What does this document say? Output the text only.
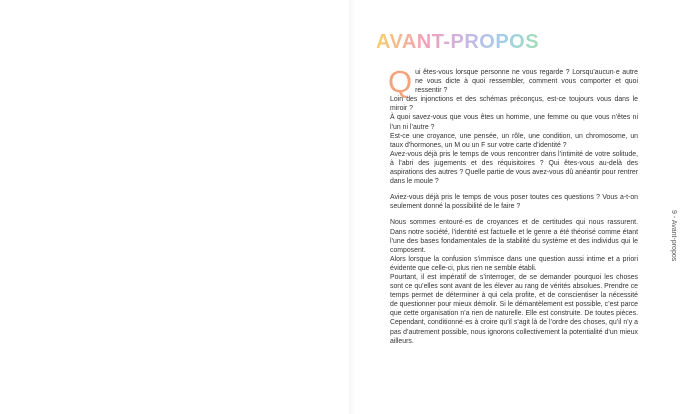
AVANT-PROPOS

Qui êtes-vous lorsque personne ne vous regarde ? Lorsqu’aucun·e autre ne vous dicte à quoi ressembler, comment vous comporter et quoi ressentir ?

Loin des injonctions et des schémas préconçus, est-ce toujours vous dans le miroir ?

À quoi savez-vous que vous êtes un homme, une femme ou que vous n’êtes ni l’un ni l’autre ?

Est-ce une croyance, une pensée, un rôle, une condition, un chromosome, un taux d’hormones, un M ou un F sur votre carte d’identité ?

Avez-vous déjà pris le temps de vous rencontrer dans l’intimité de votre solitude, à l’abri des jugements et des réquisitoires ? Qui êtes-vous au-delà des aspirations des autres ? Quelle partie de vous avez-vous dû anéantir pour rentrer dans le moule ?

Aviez-vous déjà pris le temps de vous poser toutes ces questions ? Vous a-t-on seulement donné la possibilité de le faire ?

Nous sommes entouré·es de croyances et de certitudes qui nous rassurent. Dans notre société, l’identité est factuelle et le genre a été théorisé comme étant l’une des bases fondamentales de la stabilité du système et des individus qui le composent.

Alors lorsque la confusion s’immisce dans une question aussi intime et a priori évidente que celle-ci, plus rien ne semble établi.

Pourtant, il est impératif de s’interroger, de se demander pourquoi les choses sont ce qu’elles sont avant de les élever au rang de vérités absolues. Prendre ce temps permet de déterminer à qui cela profite, et de conscientiser la nécessité de questionner pour mieux démolir. Si le démantèlement est possible, c’est parce que cette organisation n’a rien de naturelle. Elle est construite. De toutes pièces. Cependant, conditionné·es à croire qu’il s’agit là de l’ordre des choses, qu’il n’y a pas d’autrement possible, nous ignorons collectivement la potentialité d’un mieux ailleurs.

9 - Avant-propos
